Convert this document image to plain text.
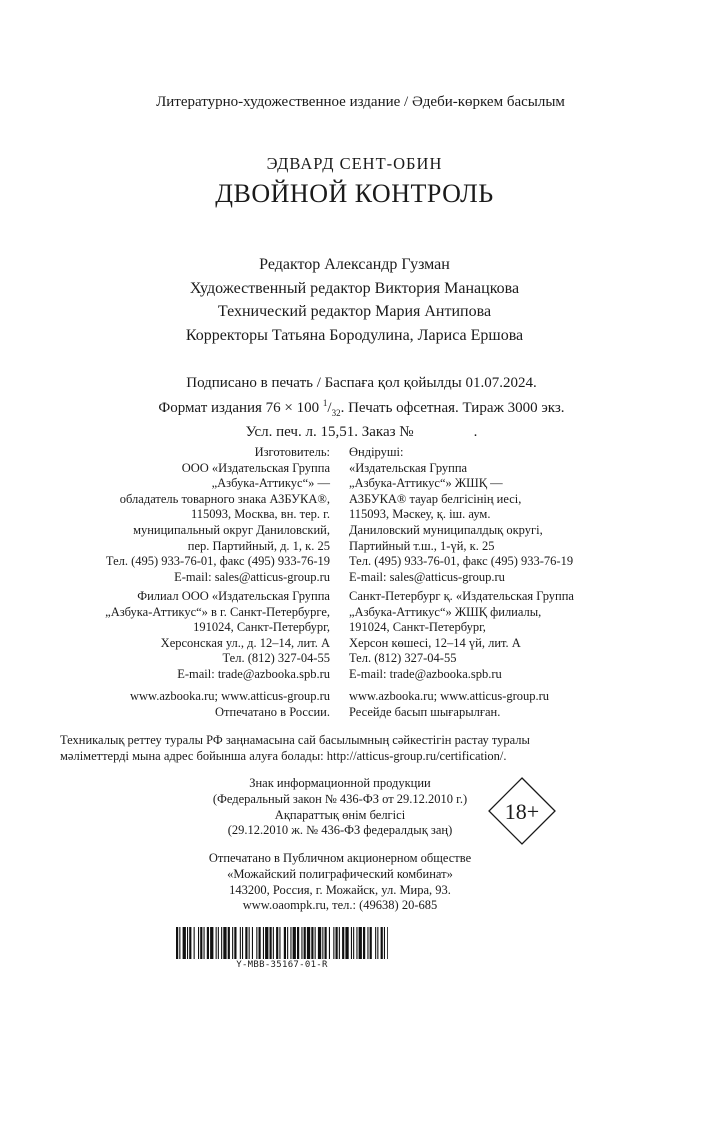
Литературно-художественное издание / Әдеби-көркем басылым
ЭДВАРД СЕНТ-ОБИН
ДВОЙНОЙ КОНТРОЛЬ
Редактор Александр Гузман
Художественный редактор Виктория Манацкова
Технический редактор Мария Антипова
Корректоры Татьяна Бородулина, Лариса Ершова
Подписано в печать / Баспаға қол қойылды 01.07.2024.
Формат издания 76 × 100 $^1/_{32}$. Печать офсетная. Тираж 3000 экз.
Усл. печ. л. 15,51. Заказ №	.
Изготовитель:
ООО «Издательская Группа
„Азбука-Аттикус“» —
обладатель товарного знака АЗБУКА®,
115093, Москва, вн. тер. г.
муниципальный округ Даниловский,
пер. Партийный, д. 1, к. 25
Тел. (495) 933-76-01, факс (495) 933-76-19
E-mail: sales@atticus-group.ru
Өндіруші:
«Издательская Группа
„Азбука-Аттикус“» ЖШҚ —
АЗБУКА® тауар белгісінің иесі,
115093, Мәскеу, қ. іш. аум.
Даниловский муниципалдық округі,
Партийный т.ш., 1-үй, к. 25
Тел. (495) 933-76-01, факс (495) 933-76-19
E-mail: sales@atticus-group.ru
Филиал ООО «Издательская Группа
„Азбука-Аттикус“» в г. Санкт-Петербурге,
191024, Санкт-Петербург,
Херсонская ул., д. 12–14, лит. А
Тел. (812) 327-04-55
E-mail: trade@azbooka.spb.ru
Санкт-Петербург қ. «Издательская Группа
„Азбука-Аттикус“» ЖШҚ филиалы,
191024, Санкт-Петербург,
Херсон көшесі, 12–14 үй, лит. А
Тел. (812) 327-04-55
E-mail: trade@azbooka.spb.ru
www.azbooka.ru; www.atticus-group.ru
Отпечатано в России.
www.azbooka.ru; www.atticus-group.ru
Ресейде басып шығарылған.
Техникалық реттеу туралы РФ заңнамасына сай басылымның сәйкестігін растау туралы
мәліметтерді мына адрес бойынша алуға болады: http://atticus-group.ru/certification/.
Знак информационной продукции
(Федеральный закон № 436-ФЗ от 29.12.2010 г.)
Ақпараттық өнім белгісі
(29.12.2010 ж. № 436-ФЗ федералдық заң)
18+
Отпечатано в Публичном акционерном обществе
«Можайский полиграфический комбинат»
143200, Россия, г. Можайск, ул. Мира, 93.
www.oaompk.ru, тел.: (49638) 20-685
Y-MBB-35167-01-R
